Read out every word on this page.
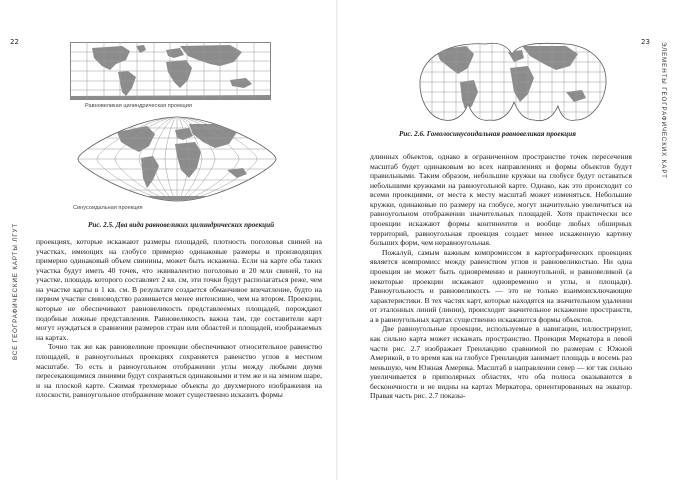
22
ВСЕ ГЕОГРАФИЧЕСКИЕ КАРТЫ ЛГУТ
Равновеликая цилиндрическая проекция
Синусоидальная проекция
Рис. 2.5. Два вида равновеликих цилиндрических проекций

проекциях, которые искажают размеры площадей, плотность поголовья свиней на участках, имеющих на глобусе примерно одинаковые размеры и производящих примерно одинаковый объем свинины, может быть искажена. Если на карте оба таких участка будут иметь 40 точек, что эквивалентно поголовью в 20 млн свиней, то на участке, площадь которого составляет 2 кв. см, эти точки будут располагаться реже, чем на участке карты в 1 кв. см. В результате создается обманчивое впечатление, будто на первом участке свиноводство развивается менее интенсивно, чем на втором. Проекции, которые не обеспечивают равновеликость представлеемых площадей, порождают подобные ложные представления. Равновеликость важна там, где составители карт могут нуждаться в сравнении размеров стран или областей и площадей, изображаемых на картах.

Точно так же как равновеликие проекции обеспечивают относительное равенство площадей, в равноугольных проекциях сохраняется равенство углов в местном масштабе. То есть в равноугольном отображении углы между любыми двумя пересекающимися линиями будут сохраняться одинаковыми и тем же и на земном шаре, и на плоской карте. Сжимая трехмерные объекты до двухмерного изображения на плоскости, равноугольное отображение может существенно исказить формы

23 ЭЛЕМЕНТЫ ГЕОГРАФИЧЕСКИХ КАРТ
Рис. 2.6. Гомолосинусоидальная равновеликая проекция

длинных объектов, однако в ограниченном пространстве точек пересечения масштаб будет одинаковым во всех направлениях и формы объектов будут правильными. Таким образом, небольшие кружки на глобусе будут оставаться небольшими кружками на равноугольной карте. Однако, как это происходит со всеми проекциями, от места к месту масштаб может изменяться. Небольшие кружки, одинаковые по размеру на глобусе, могут значительно увеличиться на равноугольном отображении значительных площадей. Хотя практически все проекции искажают формы континентов и вообще любых обширных территорий, равноугольная проекция создает менее искаженную картину больших форм, чем неравноугольная.

Пожалуй, самым важным компромиссом в картографических проекциях является компромисс между равенством углов и равновеликостью. Ни одна проекция не может быть одновременно и равноугольной, и равновеликой (а некоторые проекции искажают одновременно и углы, и площади). Равноугольность и равновеликость — это не только взаимоисключающие характеристики. В тех частях карт, которые находятся на значительном удалении от эталонных линий (линии), происходит значительное искажение пространств, а в равноугольных картах существенно искажаются формы объектов.

Две равноугольные проекции, используемые в навигации, иллюстрируют, как сильно карта может искажать пространство. Проекция Меркатора в левой части рис. 2.7 изображает Гренландию сравнимой по размерам с Южной Америкой, в то время как на глобусе Гренландия занимает площадь в восемь раз меньшую, чем Южная Америка. Масштаб в направлении север — юг так сильно увеличивается в приполярных областях, что оба полюса оказываются в бесконечности и не видны на картах Меркатора, ориентированных на экватор. Правая часть рис. 2.7 показы-
